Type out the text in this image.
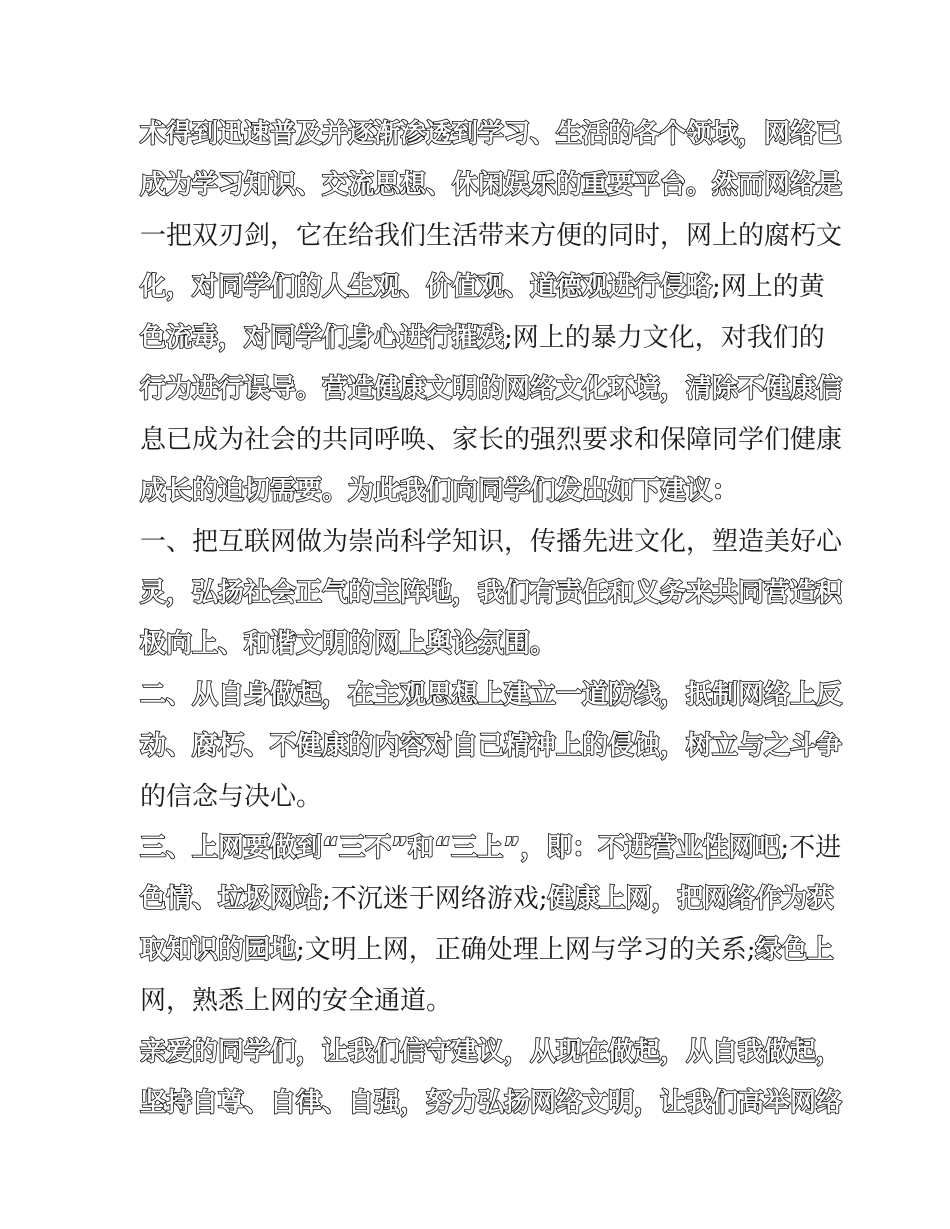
术得到迅速普及并逐渐渗透到学习、生活的各个领域，网络已
成为学习知识、交流思想、休闲娱乐的重要平台。然而网络是
一把双刃剑，它在给我们生活带来方便的同时，网上的腐朽文
化，对同学们的人生观、价值观、道德观进行侵略;网上的黄
色流毒，对同学们身心进行摧残;网上的暴力文化，对我们的
行为进行误导。营造健康文明的网络文化环境，清除不健康信
息已成为社会的共同呼唤、家长的强烈要求和保障同学们健康
成长的迫切需要。为此我们向同学们发出如下建议：
一、把互联网做为崇尚科学知识，传播先进文化，塑造美好心
灵，弘扬社会正气的主阵地，我们有责任和义务来共同营造积
极向上、和谐文明的网上舆论氛围。
二、从自身做起，在主观思想上建立一道防线，抵制网络上反
动、腐朽、不健康的内容对自己精神上的侵蚀，树立与之斗争
的信念与决心。
三、上网要做到“三不”和“三上”，即：不进营业性网吧;不进
色情、垃圾网站;不沉迷于网络游戏;健康上网，把网络作为获
取知识的园地;文明上网，正确处理上网与学习的关系;绿色上
网，熟悉上网的安全通道。
亲爱的同学们，让我们信守建议，从现在做起，从自我做起，
坚持自尊、自律、自强，努力弘扬网络文明，让我们高举网络
